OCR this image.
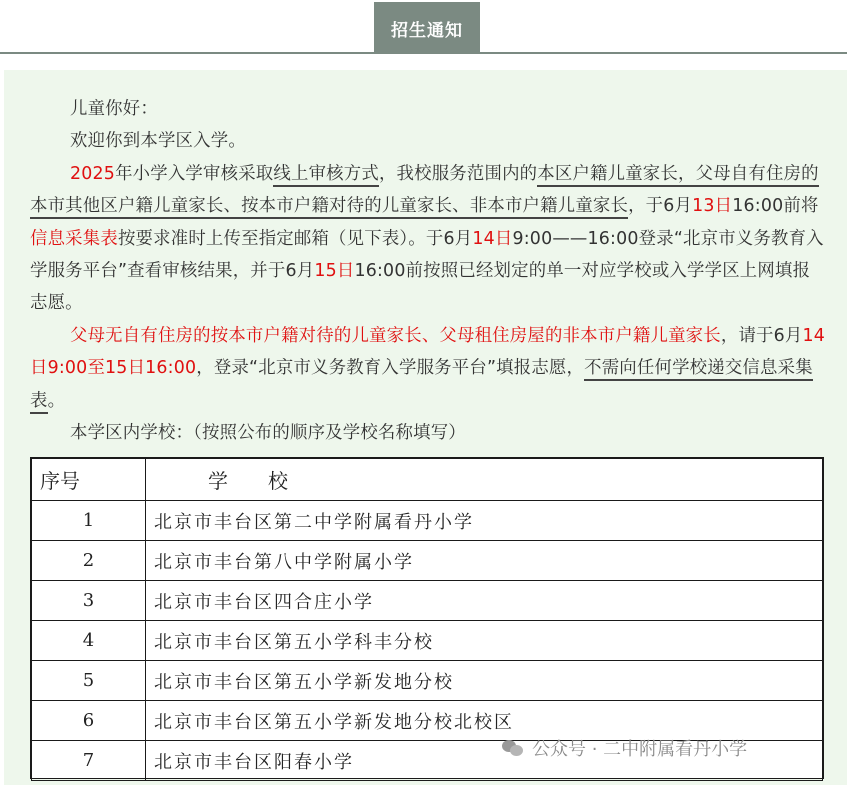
招生通知

儿童你好：

欢迎你到本学区入学。

2025年小学入学审核采取线上审核方式，我校服务范围内的本区户籍儿童家长，父母自有住房的本市其他区户籍儿童家长、按本市户籍对待的儿童家长、非本市户籍儿童家长，于6月13日16:00前将信息采集表按要求准时上传至指定邮箱（见下表）。于6月14日9:00——16:00登录“北京市义务教育入学服务平台”查看审核结果，并于6月15日16:00前按照已经划定的单一对应学校或入学学区上网填报志愿。

父母无自有住房的按本市户籍对待的儿童家长、父母租住房屋的非本市户籍儿童家长，请于6月14日9:00至15日16:00，登录“北京市义务教育入学服务平台”填报志愿，不需向任何学校递交信息采集表。

本学区内学校：（按照公布的顺序及学校名称填写）

序号	学　　校
1	北京市丰台区第二中学附属看丹小学
2	北京市丰台第八中学附属小学
3	北京市丰台区四合庄小学
4	北京市丰台区第五小学科丰分校
5	北京市丰台区第五小学新发地分校
6	北京市丰台区第五小学新发地分校北校区
7	北京市丰台区阳春小学
公众号 · 二中附属看丹小学
